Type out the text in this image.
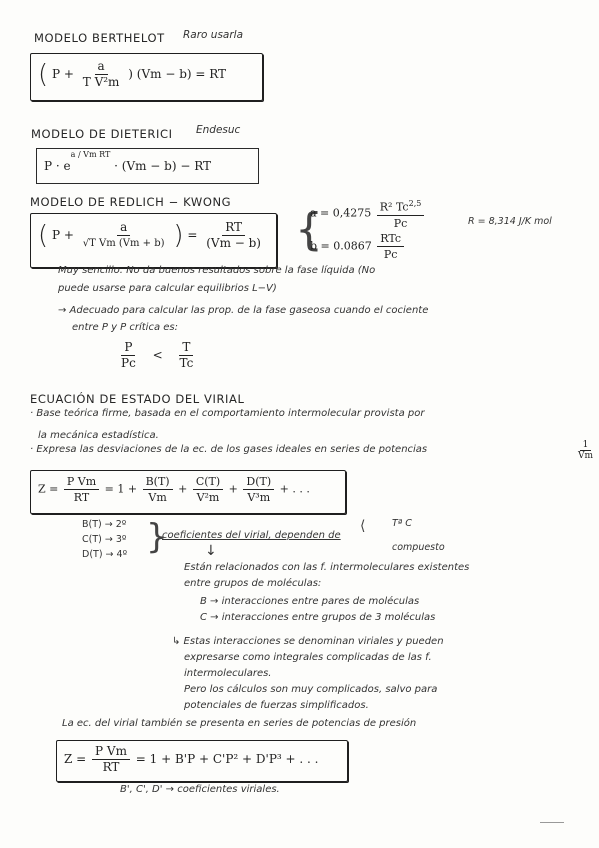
MODELO BERTHELOT Raro usarla
( $P + \frac{a}{\text{T V²m}}$ ) (Vm − b) = RT
MODELO DE DIETERICI Endesuc
$P \cdot e^{a / Vm RT} \cdot (Vm - b)$ − RT
MODELO DE REDLICH − KWONG
( $P + \frac{a}{\text{√T Vm (Vm + b)}}$ ) = $\frac{RT}{(Vm - b)}$ {
$a = 0,4275 \frac{R^2 Tc^{2,5}}{Pc}$
$b = 0.0867 \frac{\text{RTc}}{Pc}$
R = 8,314 J/K mol
Muy sencillo. No da buenos resultados sobre la fase líquida (No
puede usarse para calcular equilibrios L−V)
→ Adecuado para calcular las prop. de la fase gaseosa cuando el cociente
entre P y P crítica es:
$\frac{P}{Pc} < \frac{T}{Tc}$
ECUACIÓN DE ESTADO DEL VIRIAL
· Base teórica firme, basada en el comportamiento intermolecular provista por
la mecánica estadística.
· Expresa las desviaciones de la ec. de los gases ideales en series de potencias	$\frac{1}{Vm}$
$Z = \frac{\text{P Vm}}{RT} = 1 + \frac{B(T)}{Vm} + \frac{C(T)}{\text{V²m}} + \frac{D(T)}{\text{V³m}}$ + . . .
B(T) → 2º
C(T) → 3º
D(T) → 4º }
coeficientes del virial, dependen de
⟨	Tª C
compuesto
↓
Están relacionados con las f. intermoleculares existentes
entre grupos de moléculas:
B → interacciones entre pares de moléculas
C → interacciones entre grupos de 3 moléculas
↳ Estas interacciones se denominan viriales y pueden
expresarse como integrales complicadas de las f.
intermoleculares.
Pero los cálculos son muy complicados, salvo para
potenciales de fuerzas simplificados.
La ec. del virial también se presenta en series de potencias de presión
$Z = \frac{\text{P Vm}}{RT} = 1 + B'P + C'P^2 + D'P^3$ + . . .
B', C', D' → coeficientes viriales.
